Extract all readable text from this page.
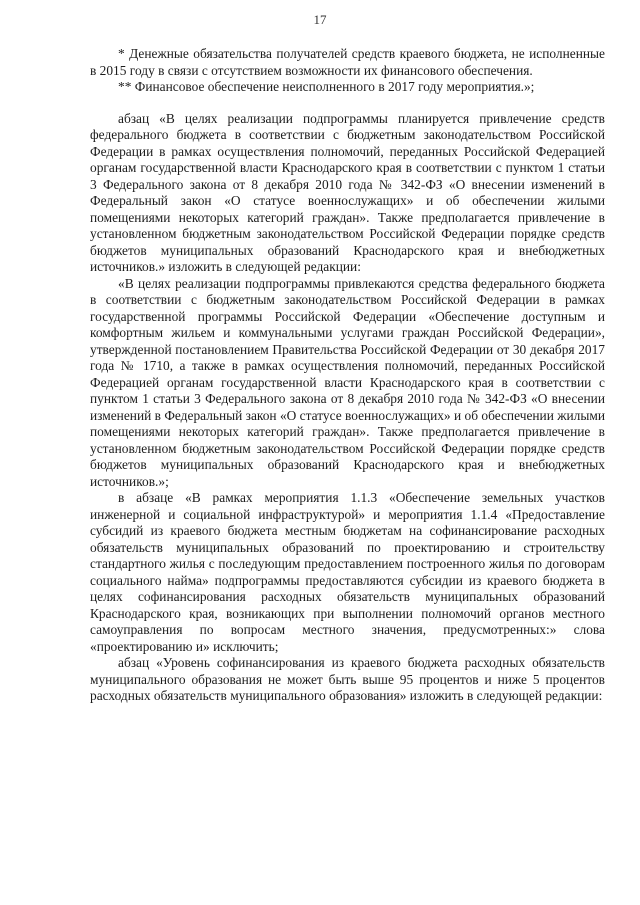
17

* Денежные обязательства получателей средств краевого бюджета, не исполненные в 2015 году в связи с отсутствием возможности их финансового обеспечения.

** Финансовое обеспечение неисполненного в 2017 году мероприятия.»;

абзац «В целях реализации подпрограммы планируется привлечение средств федерального бюджета в соответствии с бюджетным законодательством Российской Федерации в рамках осуществления полномочий, переданных Российской Федерацией органам государственной власти Краснодарского края в соответствии с пунктом 1 статьи 3 Федерального закона от 8 декабря 2010 года № 342-ФЗ «О внесении изменений в Федеральный закон «О статусе военнослужащих» и об обеспечении жилыми помещениями некоторых категорий граждан». Также предполагается привлечение в установленном бюджетным законодательством Российской Федерации порядке средств бюджетов муниципальных образований Краснодарского края и внебюджетных источников.» изложить в следующей редакции:

«В целях реализации подпрограммы привлекаются средства федерального бюджета в соответствии с бюджетным законодательством Российской Федерации в рамках государственной программы Российской Федерации «Обеспечение доступным и комфортным жильем и коммунальными услугами граждан Российской Федерации», утвержденной постановлением Правительства Российской Федерации от 30 декабря 2017 года № 1710, а также в рамках осуществления полномочий, переданных Российской Федерацией органам государственной власти Краснодарского края в соответствии с пунктом 1 статьи 3 Федерального закона от 8 декабря 2010 года № 342-ФЗ «О внесении изменений в Федеральный закон «О статусе военнослужащих» и об обеспечении жилыми помещениями некоторых категорий граждан». Также предполагается привлечение в установленном бюджетным законодательством Российской Федерации порядке средств бюджетов муниципальных образований Краснодарского края и внебюджетных источников.»;

в абзаце «В рамках мероприятия 1.1.3 «Обеспечение земельных участков инженерной и социальной инфраструктурой» и мероприятия 1.1.4 «Предоставление субсидий из краевого бюджета местным бюджетам на софинансирование расходных обязательств муниципальных образований по проектированию и строительству стандартного жилья с последующим предоставлением построенного жилья по договорам социального найма» подпрограммы предоставляются субсидии из краевого бюджета в целях софинансирования расходных обязательств муниципальных образований Краснодарского края, возникающих при выполнении полномочий органов местного самоуправления по вопросам местного значения, предусмотренных:» слова «проектированию и» исключить;

абзац «Уровень софинансирования из краевого бюджета расходных обязательств муниципального образования не может быть выше 95 процентов и ниже 5 процентов расходных обязательств муниципального образования» изложить в следующей редакции:
